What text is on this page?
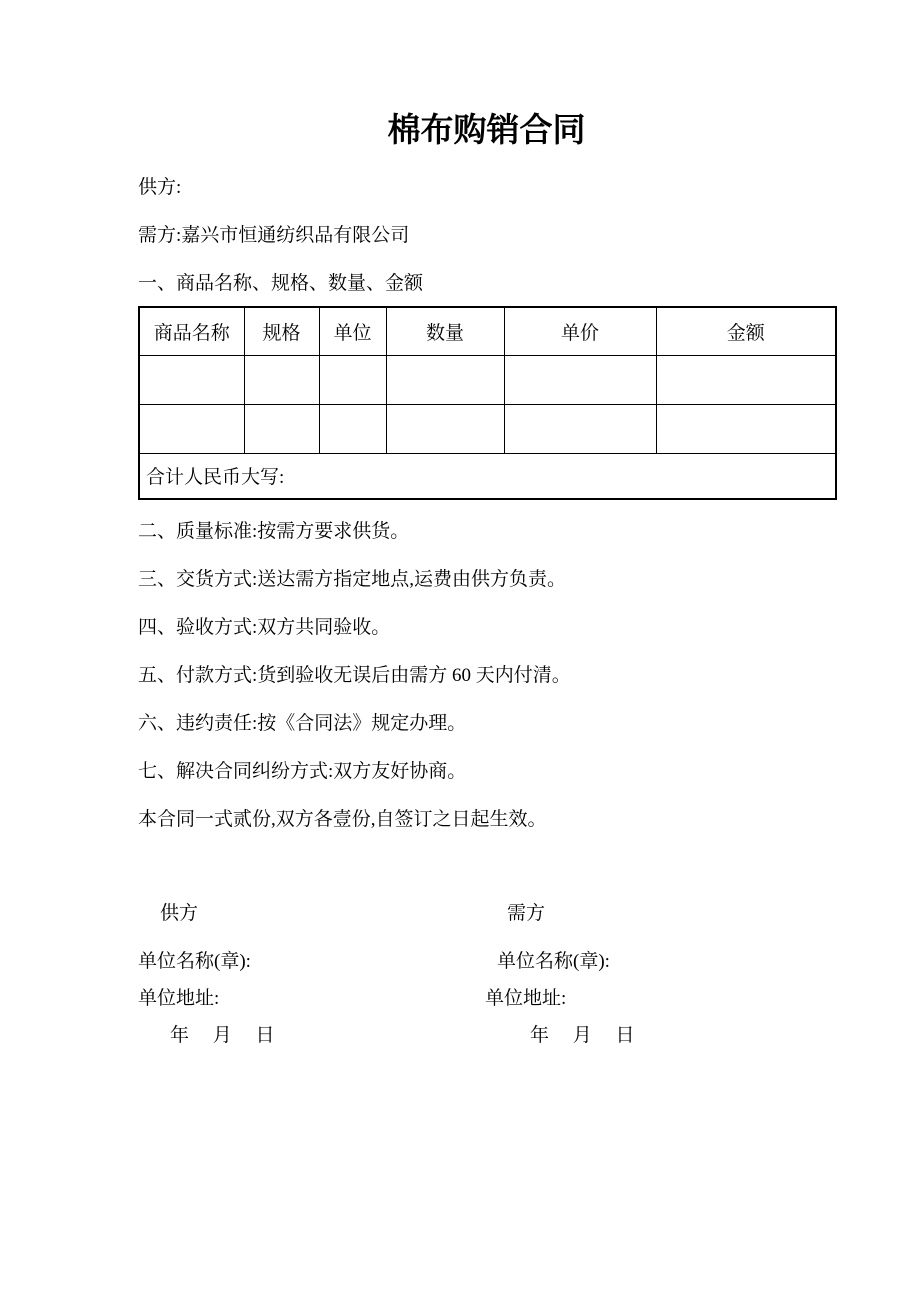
棉布购销合同

供方:

需方:嘉兴市恒通纺织品有限公司

一、商品名称、规格、数量、金额

商品名称	规格	单位	数量	单价	金额

合计人民币大写:					

二、质量标准:按需方要求供货。

三、交货方式:送达需方指定地点,运费由供方负责。

四、验收方式:双方共同验收。

五、付款方式:货到验收无误后由需方 60 天内付清。

六、违约责任:按《合同法》规定办理。

七、解决合同纠纷方式:双方友好协商。

本合同一式贰份,双方各壹份,自签订之日起生效。

供方	需方
单位名称(章):	单位名称(章):
单位地址:	单位地址:
年　 月　 日	年　 月　 日
